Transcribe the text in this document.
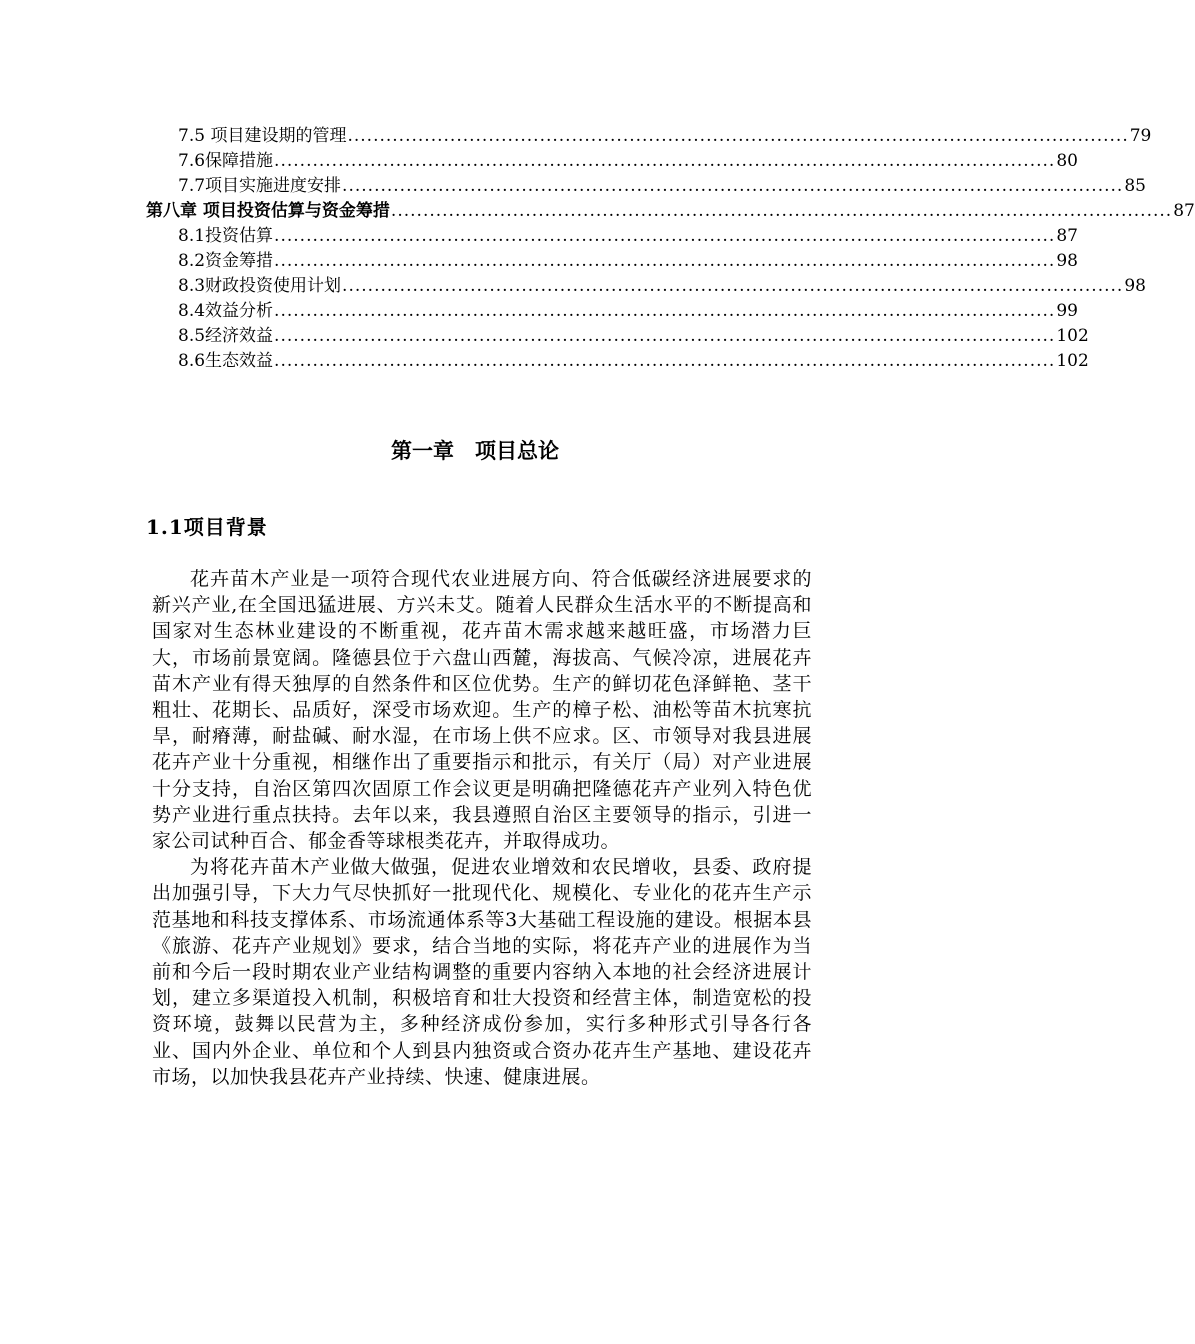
7.5 项目建设期的管理 .......................................................................................................................... 79
7.6保障措施 .......................................................................................................................... 80
7.7项目实施进度安排 .......................................................................................................................... 85
第八章 项目投资估算与资金筹措 .......................................................................................................................... 87
8.1投资估算 .......................................................................................................................... 87
8.2资金筹措 .......................................................................................................................... 98
8.3财政投资使用计划 .......................................................................................................................... 98
8.4效益分析 .......................................................................................................................... 99
8.5经济效益 .......................................................................................................................... 102
8.6生态效益 .......................................................................................................................... 102
第一章　项目总论
1.1项目背景

花卉苗木产业是一项符合现代农业进展方向、符合低碳经济进展要求的新兴产业,在全国迅猛进展、方兴未艾。随着人民群众生活水平的不断提高和国家对生态林业建设的不断重视，花卉苗木需求越来越旺盛，市场潜力巨大，市场前景宽阔。隆德县位于六盘山西麓，海拔高、气候冷凉，进展花卉苗木产业有得天独厚的自然条件和区位优势。生产的鲜切花色泽鲜艳、茎干粗壮、花期长、品质好，深受市场欢迎。生产的樟子松、油松等苗木抗寒抗旱，耐瘠薄，耐盐碱、耐水湿，在市场上供不应求。区、市领导对我县进展花卉产业十分重视，相继作出了重要指示和批示，有关厅（局）对产业进展十分支持，自治区第四次固原工作会议更是明确把隆德花卉产业列入特色优势产业进行重点扶持。去年以来，我县遵照自治区主要领导的指示，引进一家公司试种百合、郁金香等球根类花卉，并取得成功。

为将花卉苗木产业做大做强，促进农业增效和农民增收，县委、政府提出加强引导，下大力气尽快抓好一批现代化、规模化、专业化的花卉生产示范基地和科技支撑体系、市场流通体系等3大基础工程设施的建设。根据本县《旅游、花卉产业规划》要求，结合当地的实际，将花卉产业的进展作为当前和今后一段时期农业产业结构调整的重要内容纳入本地的社会经济进展计划，建立多渠道投入机制，积极培育和壮大投资和经营主体，制造宽松的投资环境，鼓舞以民营为主，多种经济成份参加，实行多种形式引导各行各业、国内外企业、单位和个人到县内独资或合资办花卉生产基地、建设花卉市场，以加快我县花卉产业持续、快速、健康进展。
